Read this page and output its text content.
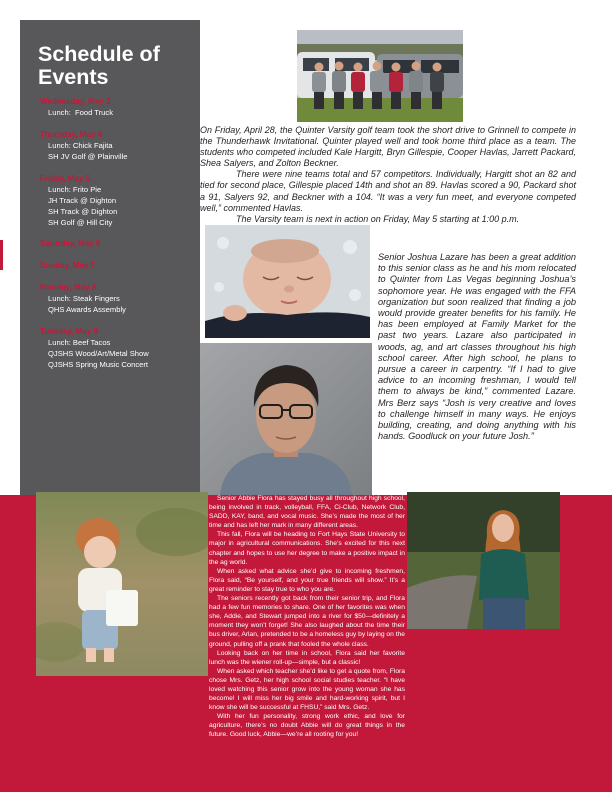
Schedule of Events
Wednesday, May 3
Lunch:  Food Truck
Thursday, May 4
Lunch: Chick Fajita
SH JV Golf @ Plainville
Friday, May 5
Lunch: Frito Pie
JH Track @ Dighton
SH Track @ Dighton
SH Golf @ Hill City
Saturday, May 6
Sunday, May 7
Monday, May 8
Lunch: Steak Fingers
QHS Awards Assembly
Tuesday, May 9
Lunch: Beef Tacos
QJSHS Wood/Art/Metal Show
QJSHS Spring Music Concert

On Friday, April 28, the Quinter Varsity golf team took the short drive to Grinnell to compete in the Thunderhawk Invitational. Quinter played well and took home third place as a team. The students who competed included Kale Hargitt, Bryn Gillespie, Cooper Havlas, Jarrett Packard, Shea Salyers, and Zolton Beckner.

There were nine teams total and 57 competitors. Individually, Hargitt shot an 82 and tied for second place, Gillespie placed 14th and shot an 89. Havlas scored a 90, Packard shot a 91, Salyers 92, and Beckner with a 104. “It was a very fun meet, and everyone competed well,” commented Havlas.

The Varsity team is next in action on Friday, May 5 starting at 1:00 p.m.

Senior Joshua Lazare has been a great addition to this senior class as he and his mom relocated to Quinter from Las Vegas beginning Joshua’s sophomore year. He was engaged with the FFA organization but soon realized that finding a job would provide greater benefits for his family. He has been employed at Family Market for the past two years. Lazare also participated in woods, ag, and art classes throughout his high school career. After high school, he plans to pursue a career in carpentry. “If I had to give advice to an incoming freshman, I would tell them to always be kind,” commented Lazare. Mrs Berz says “Josh is very creative and loves to challenge himself in many ways. He enjoys building, creating, and doing anything with his hands. Goodluck on your future Josh.”

Senior Abbie Flora has stayed busy all throughout high school, being involved in track, volleyball, FFA, Ci-Club, Network Club, SADD, KAY, band, and vocal music. She’s made the most of her time and has left her mark in many different areas.

This fall, Flora will be heading to Fort Hays State University to major in agricultural communications. She’s excited for this next chapter and hopes to use her degree to make a positive impact in the ag world.

When asked what advice she’d give to incoming freshmen, Flora said, “Be yourself, and your true friends will show.” It’s a great reminder to stay true to who you are.

The seniors recently got back from their senior trip, and Flora had a few fun memories to share. One of her favorites was when she, Addie, and Stewart jumped into a river for $50—definitely a moment they won’t forget! She also laughed about the time their bus driver, Arlan, pretended to be a homeless guy by laying on the ground, pulling off a prank that fooled the whole class.

Looking back on her time in school, Flora said her favorite lunch was the wiener roll-up—simple, but a classic!

When asked which teacher she’d like to get a quote from, Flora chose Mrs. Getz, her high school social studies teacher. “I have loved watching this senior grow into the young woman she has become! I will miss her big smile and hard-working spirit, but I know she will be successful at FHSU,” said Mrs. Getz.

With her fun personality, strong work ethic, and love for agriculture, there’s no doubt Abbie will do great things in the future. Good luck, Abbie—we’re all rooting for you!
